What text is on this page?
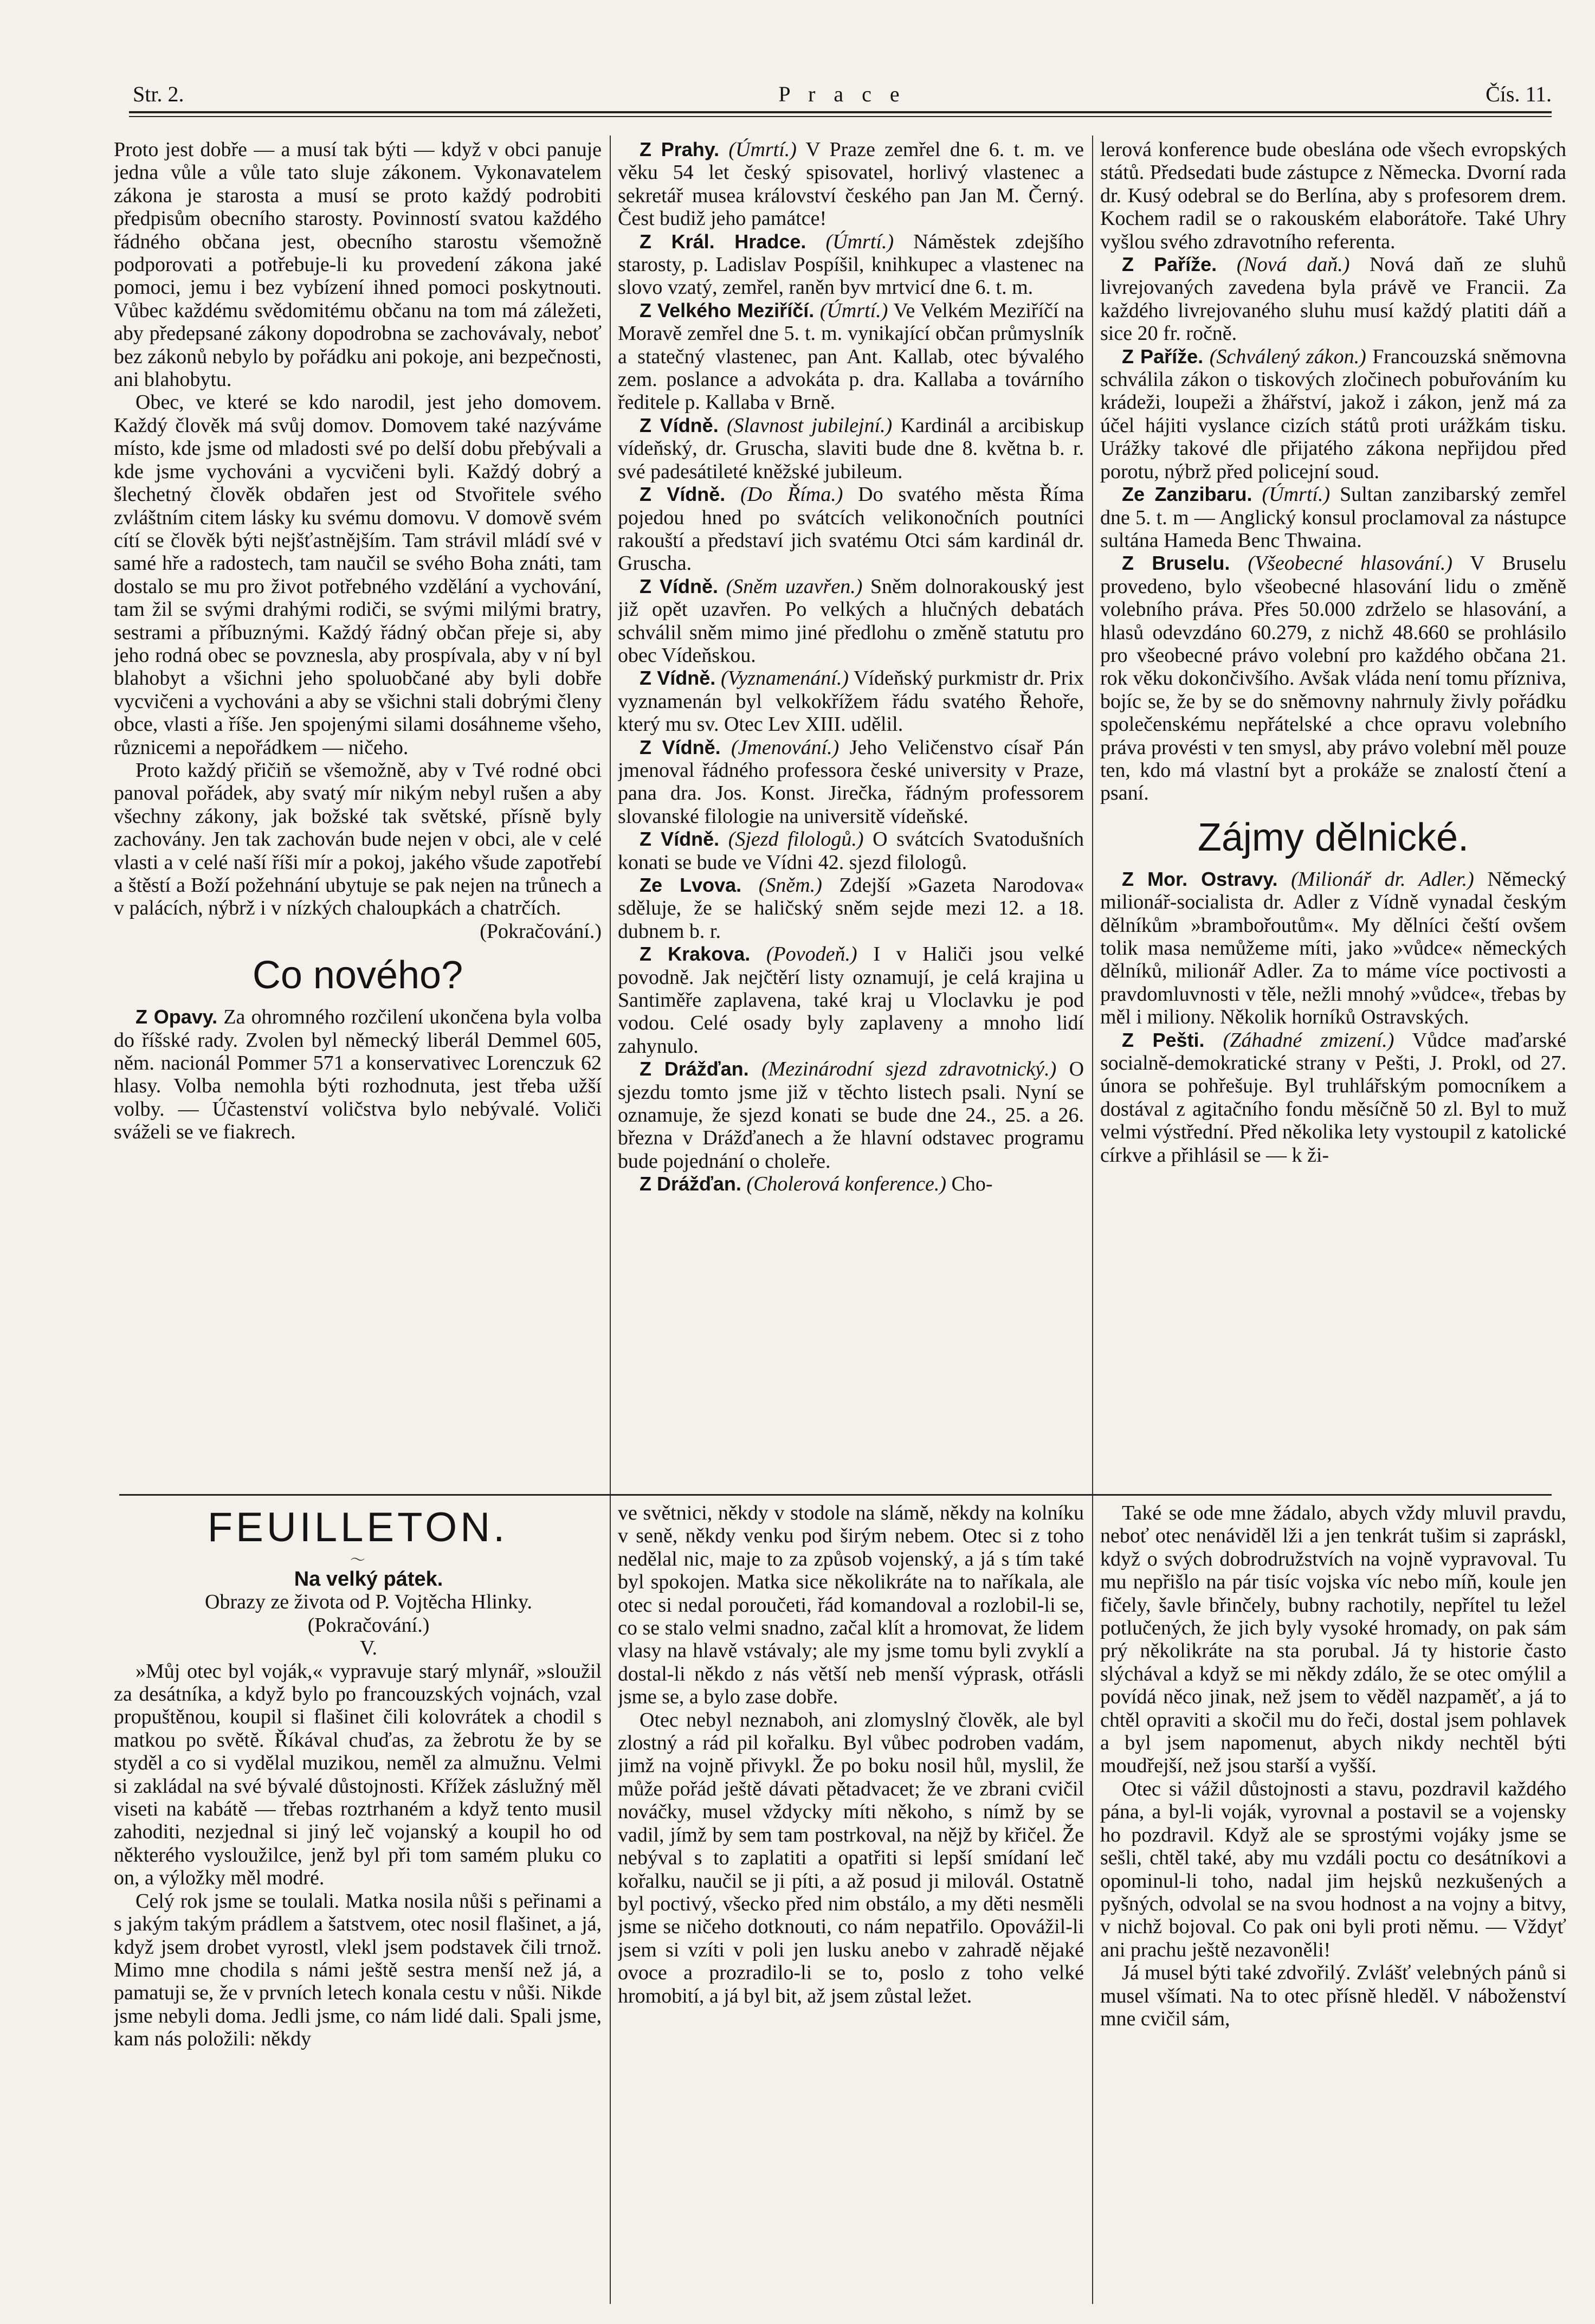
Str. 2.	P r a c e	Čís. 11.

Proto jest dobře — a musí tak býti — když v obci panuje jedna vůle a vůle tato sluje zákonem. Vykonavatelem zákona je starosta a musí se proto každý podrobiti předpisům obecního starosty. Povinností svatou každého řádného občana jest, obecního starostu všemožně podporovati a potřebuje-li ku provedení zákona jaké pomoci, jemu i bez vybízení ihned pomoci poskytnouti. Vůbec každému svědomitému občanu na tom má záležeti, aby předepsané zákony dopodrobna se zachovávaly, neboť bez zákonů nebylo by pořádku ani pokoje, ani bezpečnosti, ani blahobytu.

Obec, ve které se kdo narodil, jest jeho domovem. Každý člověk má svůj domov. Domovem také nazýváme místo, kde jsme od mladosti své po delší dobu přebývali a kde jsme vychováni a vycvičeni byli. Každý dobrý a šlechetný člověk obdařen jest od Stvořitele svého zvláštním citem lásky ku svému domovu. V domově svém cítí se člověk býti nejšťastnějším. Tam strávil mládí své v samé hře a radostech, tam naučil se svého Boha znáti, tam dostalo se mu pro život potřebného vzdělání a vychování, tam žil se svými drahými rodiči, se svými milými bratry, sestrami a příbuznými. Každý řádný občan přeje si, aby jeho rodná obec se povznesla, aby prospívala, aby v ní byl blahobyt a všichni jeho spoluobčané aby byli dobře vycvičeni a vychováni a aby se všichni stali dobrými členy obce, vlasti a říše. Jen spojenými silami dosáhneme všeho, různicemi a nepořádkem — ničeho.

Proto každý přičiň se všemožně, aby v Tvé rodné obci panoval pořádek, aby svatý mír nikým nebyl rušen a aby všechny zákony, jak božské tak světské, přísně byly zachovány. Jen tak zachován bude nejen v obci, ale v celé vlasti a v celé naší říši mír a pokoj, jakého všude zapotřebí a štěstí a Boží požehnání ubytuje se pak nejen na trůnech a v palácích, nýbrž i v nízkých chaloupkách a chatrčích.

(Pokračování.)

Co nového?

Z Opavy. Za ohromného rozčilení ukončena byla volba do říšské rady. Zvolen byl německý liberál Demmel 605, něm. nacionál Pommer 571 a konservativec Lorenczuk 62 hlasy. Volba nemohla býti rozhodnuta, jest třeba užší volby. — Účastenství voličstva bylo nebývalé. Voliči sváželi se ve fiakrech.

Z Prahy. (Úmrtí.) V Praze zemřel dne 6. t. m. ve věku 54 let český spisovatel, horlivý vlastenec a sekretář musea království českého pan Jan M. Černý. Čest budiž jeho památce!

Z Král. Hradce. (Úmrtí.) Náměstek zdejšího starosty, p. Ladislav Pospíšil, knihkupec a vlastenec na slovo vzatý, zemřel, raněn byv mrtvicí dne 6. t. m.

Z Velkého Meziříčí. (Úmrtí.) Ve Velkém Meziříčí na Moravě zemřel dne 5. t. m. vynikající občan průmyslník a statečný vlastenec, pan Ant. Kallab, otec bývalého zem. poslance a advokáta p. dra. Kallaba a továrního ředitele p. Kallaba v Brně.

Z Vídně. (Slavnost jubilejní.) Kardinál a arcibiskup vídeňský, dr. Gruscha, slaviti bude dne 8. května b. r. své padesátileté kněžské jubileum.

Z Vídně. (Do Říma.) Do svatého města Říma pojedou hned po svátcích velikonočních poutníci rakouští a představí jich svatému Otci sám kardinál dr. Gruscha.

Z Vídně. (Sněm uzavřen.) Sněm dolnorakouský jest již opět uzavřen. Po velkých a hlučných debatách schválil sněm mimo jiné předlohu o změně statutu pro obec Vídeňskou.

Z Vídně. (Vyznamenání.) Vídeňský purkmistr dr. Prix vyznamenán byl velkokřížem řádu svatého Řehoře, který mu sv. Otec Lev XIII. udělil.

Z Vídně. (Jmenování.) Jeho Veličenstvo císař Pán jmenoval řádného professora české university v Praze, pana dra. Jos. Konst. Jirečka, řádným professorem slovanské filologie na universitě vídeňské.

Z Vídně. (Sjezd filologů.) O svátcích Svatodušních konati se bude ve Vídni 42. sjezd filologů.

Ze Lvova. (Sněm.) Zdejší »Gazeta Narodova« sděluje, že se haličský sněm sejde mezi 12. a 18. dubnem b. r.

Z Krakova. (Povodeň.) I v Haliči jsou velké povodně. Jak nejčtěrí listy oznamují, je celá krajina u Santiměře zaplavena, také kraj u Vloclavku je pod vodou. Celé osady byly zaplaveny a mnoho lidí zahynulo.

Z Drážďan. (Mezinárodní sjezd zdravotnický.) O sjezdu tomto jsme již v těchto listech psali. Nyní se oznamuje, že sjezd konati se bude dne 24., 25. a 26. března v Drážďanech a že hlavní odstavec programu bude pojednání o choleře.

Z Drážďan. (Cholerová konference.) Cho-

lerová konference bude obeslána ode všech evropských států. Předsedati bude zástupce z Německa. Dvorní rada dr. Kusý odebral se do Berlína, aby s profesorem drem. Kochem radil se o rakouském elaborátoře. Také Uhry vyšlou svého zdravotního referenta.

Z Paříže. (Nová daň.) Nová daň ze sluhů livrejovaných zavedena byla právě ve Francii. Za každého livrejovaného sluhu musí každý platiti dáň a sice 20 fr. ročně.

Z Paříže. (Schválený zákon.) Francouzská sněmovna schválila zákon o tiskových zločinech pobuřováním ku krádeži, loupeži a žhářství, jakož i zákon, jenž má za účel hájiti vyslance cizích států proti urážkám tisku. Urážky takové dle přijatého zákona nepřijdou před porotu, nýbrž před policejní soud.

Ze Zanzibaru. (Úmrtí.) Sultan zanzibarský zemřel dne 5. t. m — Anglický konsul proclamoval za nástupce sultána Hameda Benc Thwaina.

Z Bruselu. (Všeobecné hlasování.) V Bruselu provedeno, bylo všeobecné hlasování lidu o změně volebního práva. Přes 50.000 zdrželo se hlasování, a hlasů odevzdáno 60.279, z nichž 48.660 se prohlásilo pro všeobecné právo volební pro každého občana 21. rok věku dokončivšího. Avšak vláda není tomu příznivа, bojíc se, že by se do sněmovny nahrnuly živly pořádku společenskému nepřátelské a chce opravu volebního práva provésti v ten smysl, aby právo volební měl pouze ten, kdo má vlastní byt a prokáže se znalostí čtení a psaní.

Zájmy dělnické.

Z Mor. Ostravy. (Milionář dr. Adler.) Německý milionář-socialista dr. Adler z Vídně vynadal českým dělníkům »brambořoutům«. My dělníci čeští ovšem tolik masa nemůžeme míti, jako »vůdce« německých dělníků, milionář Adler. Za to máme více poctivosti a pravdomluvnosti v těle, nežli mnohý »vůdce«, třebas by měl i miliony. Několik horníků Ostravských.

Z Pešti. (Záhadné zmizení.) Vůdce maďarské socialně-demokratické strany v Pešti, J. Prokl, od 27. února se pohřešuje. Byl truhlářským pomocníkem a dostával z agitačního fondu měsíčně 50 zl. Byl to muž velmi výstřední. Před několika lety vystoupil z katolické církve a přihlásil se — k ži-

FEUILLETON.
〜

Na velký pátek.

Obrazy ze života od P. Vojtěcha Hlinky.

(Pokračování.)

V.

»Můj otec byl voják,« vypravuje starý mlynář, »sloužil za desátníka, a když bylo po francouzských vojnách, vzal propuštěnou, koupil si flašinet čili kolovrátek a chodil s matkou po světě. Říkával chuďas, za žebrotu že by se styděl a co si vydělal muzikou, neměl za almužnu. Velmi si zakládal na své bývalé důstojnosti. Křížek záslužný měl viseti na kabátě — třebas roztrhaném a když tento musil zahoditi, nezjednal si jiný leč vojanský a koupil ho od některého vysloužilce, jenž byl při tom samém pluku co on, a výložky měl modré.

Celý rok jsme se toulali. Matka nosila nůši s peřinami a s jakým takým prádlem a šatstvem, otec nosil flašinet, a já, když jsem drobet vyrostl, vlekl jsem podstavek čili trnož. Mimo mne chodila s námi ještě sestra menší než já, a pamatuji se, že v prvních letech konala cestu v nůši. Nikde jsme nebyli doma. Jedli jsme, co nám lidé dali. Spali jsme, kam nás položili: někdy

ve světnici, někdy v stodole na slámě, někdy na kolníku v seně, někdy venku pod širým nebem. Otec si z toho nedělal nic, maje to za způsob vojenský, a já s tím také byl spokojen. Matka sice několikráte na to naříkala, ale otec si nedal poroučeti, řád komandoval a rozlobil-li se, co se stalo velmi snadno, začal klít a hromovat, že lidem vlasy na hlavě vstávaly; ale my jsme tomu byli zvyklí a dostal-li někdo z nás větší neb menší výprask, otřásli jsme se, a bylo zase dobře.

Otec nebyl neznaboh, ani zlomyslný člověk, ale byl zlostný a rád pil kořalku. Byl vůbec podroben vadám, jimž na vojně přivykl. Že po boku nosil hůl, myslil, že může pořád ještě dávati pětadvacet; že ve zbrani cvičil nováčky, musel vždycky míti někoho, s nímž by se vadil, jímž by sem tam postrkoval, na nějž by křičel. Že nebýval s to zaplatiti a opatřiti si lepší smídaní leč kořalku, naučil se ji píti, a až posud ji milovál. Ostatně byl poctivý, všecko před nim obstálo, a my děti nesměli jsme se ničeho dotknouti, co nám nepatřilo. Opovážil-li jsem si vzíti v poli jen lusku anebo v zahradě nějaké ovoce a prozradilo-li se to, poslo z toho velké hromobití, a já byl bit, až jsem zůstal ležet.

Také se ode mne žádalo, abych vždy mluvil pravdu, neboť otec nenáviděl lži a jen tenkrát tušim si zapráskl, když o svých dobrodružstvích na vojně vypravoval. Tu mu nepřišlo na pár tisíc vojska víc nebo míň, koule jen fičely, šavle břinčely, bubny rachotily, nepřítel tu ležel potlučených, že jich byly vysoké hromady, on pak sám prý několikráte na sta porubal. Já ty historie často slýchával a když se mi někdy zdálo, že se otec omýlil a povídá něco jinak, než jsem to věděl nazpaměť, a já to chtěl opraviti a skočil mu do řeči, dostal jsem pohlavek a byl jsem napomenut, abych nikdy nechtěl býti moudřejší, než jsou starší a vyšší.

Otec si vážil důstojnosti a stavu, pozdravil každého pána, a byl-li voják, vyrovnal a postavil se a vojensky ho pozdravil. Když ale se sprostými vojáky jsme se sešli, chtěl také, aby mu vzdáli poctu co desátníkovi a opominul-li toho, nadal jim hejsků nezkušených a pyšných, odvolal se na svou hodnost a na vojny a bitvy, v nichž bojoval. Co pak oni byli proti němu. — Vždyť ani prachu ještě nezavoněli!

Já musel býti také zdvořilý. Zvlášť velebných pánů si musel všímati. Na to otec přísně hleděl. V náboženství mne cvičil sám,
